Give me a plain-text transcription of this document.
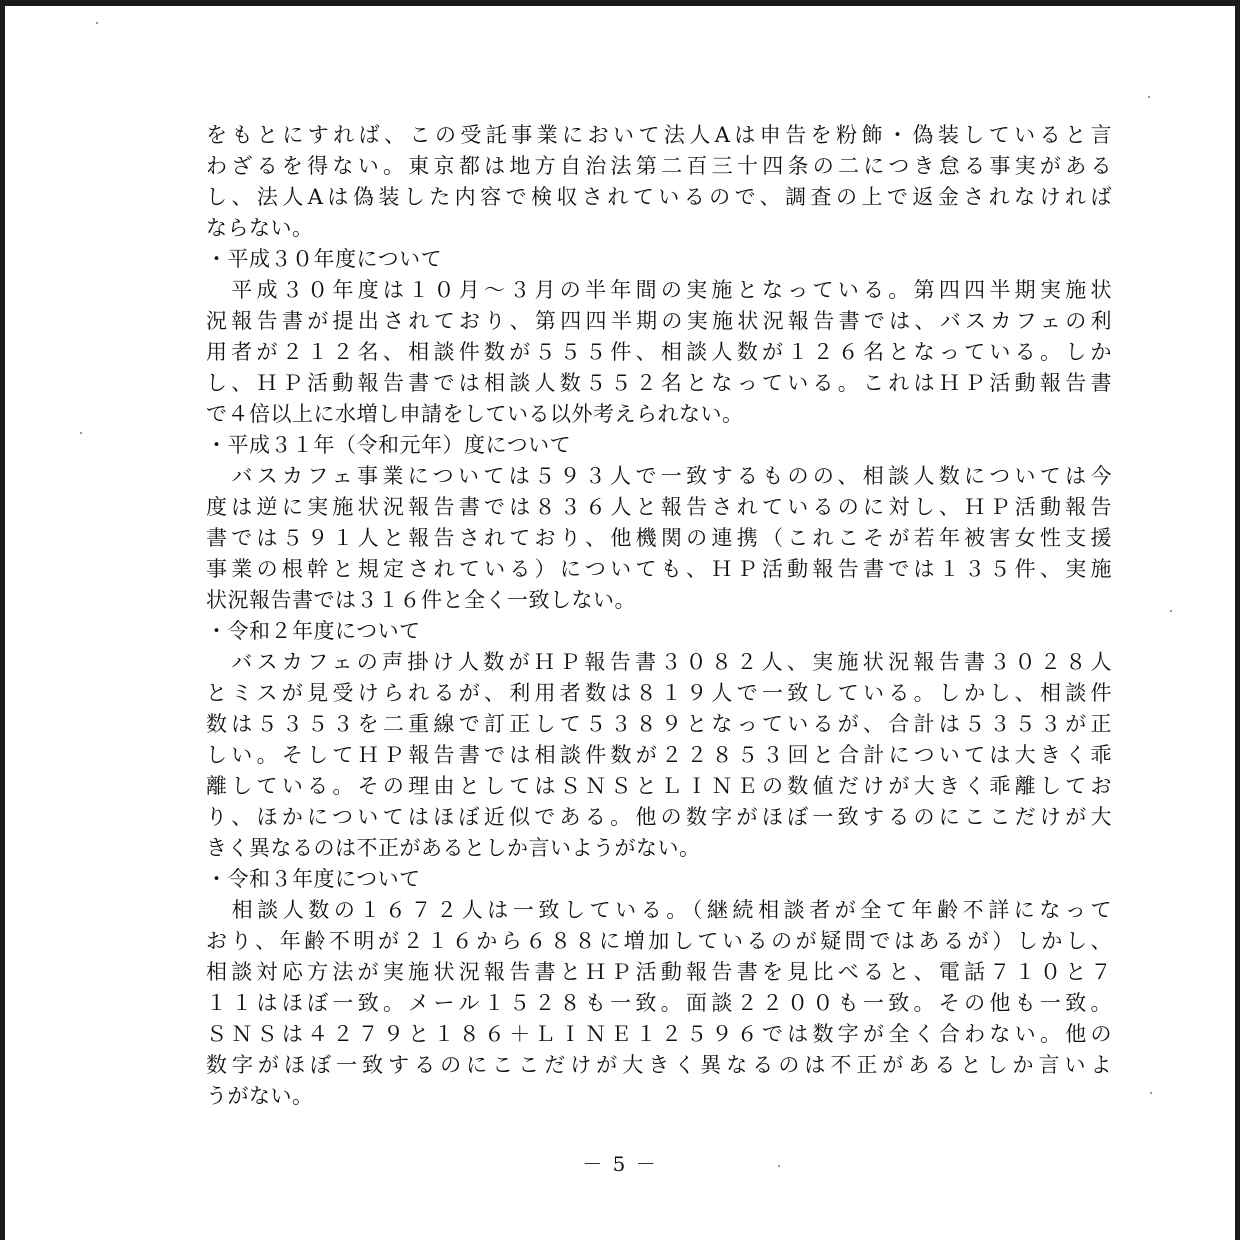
をもとにすれば、この受託事業において法人Aは申告を粉飾・偽装していると言
わざるを得ない。東京都は地方自治法第二百三十四条の二につき怠る事実がある
し、法人Aは偽装した内容で検収されているので、調査の上で返金されなければ
ならない。
・平成３０年度について
　平成３０年度は１０月～３月の半年間の実施となっている。第四四半期実施状
況報告書が提出されており、第四四半期の実施状況報告書では、バスカフェの利
用者が２１２名、相談件数が５５５件、相談人数が１２６名となっている。しか
し、ＨＰ活動報告書では相談人数５５２名となっている。これはＨＰ活動報告書
で４倍以上に水増し申請をしている以外考えられない。
・平成３１年（令和元年）度について
　バスカフェ事業については５９３人で一致するものの、相談人数については今
度は逆に実施状況報告書では８３６人と報告されているのに対し、ＨＰ活動報告
書では５９１人と報告されており、他機関の連携（これこそが若年被害女性支援
事業の根幹と規定されている）についても、ＨＰ活動報告書では１３５件、実施
状況報告書では３１６件と全く一致しない。
・令和２年度について
　バスカフェの声掛け人数がＨＰ報告書３０８２人、実施状況報告書３０２８人
とミスが見受けられるが、利用者数は８１９人で一致している。しかし、相談件
数は５３５３を二重線で訂正して５３８９となっているが、合計は５３５３が正
しい。そしてＨＰ報告書では相談件数が２２８５３回と合計については大きく乖
離している。その理由としてはＳＮＳとＬＩＮＥの数値だけが大きく乖離してお
り、ほかについてはほぼ近似である。他の数字がほぼ一致するのにここだけが大
きく異なるのは不正があるとしか言いようがない。
・令和３年度について
　相談人数の１６７２人は一致している。（継続相談者が全て年齢不詳になって
おり、年齢不明が２１６から６８８に増加しているのが疑問ではあるが）しかし、
相談対応方法が実施状況報告書とＨＰ活動報告書を見比べると、電話７１０と７
１１はほぼ一致。メール１５２８も一致。面談２２００も一致。その他も一致。
ＳＮＳは４２７９と１８６＋ＬＩＮＥ１２５９６では数字が全く合わない。他の
数字がほぼ一致するのにここだけが大きく異なるのは不正があるとしか言いよ
うがない。
－ 5 －
